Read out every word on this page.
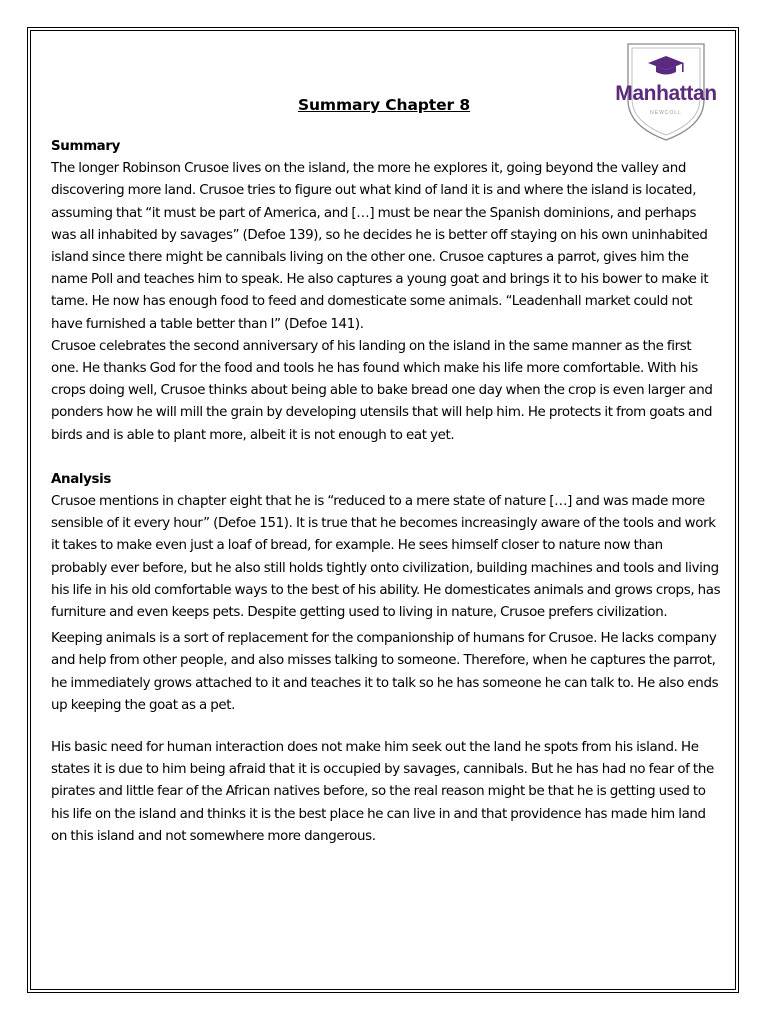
Manhattan
NEWCOLL
Summary Chapter 8

Summary

The longer Robinson Crusoe lives on the island, the more he explores it, going beyond the valley and discovering more land. Crusoe tries to figure out what kind of land it is and where the island is located, assuming that “it must be part of America, and […] must be near the Spanish dominions, and perhaps was all inhabited by savages” (Defoe 139), so he decides he is better off staying on his own uninhabited island since there might be cannibals living on the other one. Crusoe captures a parrot, gives him the name Poll and teaches him to speak. He also captures a young goat and brings it to his bower to make it tame. He now has enough food to feed and domesticate some animals. “Leadenhall market could not have furnished a table better than I” (Defoe 141).

Crusoe celebrates the second anniversary of his landing on the island in the same manner as the first one. He thanks God for the food and tools he has found which make his life more comfortable. With his crops doing well, Crusoe thinks about being able to bake bread one day when the crop is even larger and ponders how he will mill the grain by developing utensils that will help him. He protects it from goats and birds and is able to plant more, albeit it is not enough to eat yet.

Analysis

Crusoe mentions in chapter eight that he is “reduced to a mere state of nature […] and was made more sensible of it every hour” (Defoe 151). It is true that he becomes increasingly aware of the tools and work it takes to make even just a loaf of bread, for example. He sees himself closer to nature now than probably ever before, but he also still holds tightly onto civilization, building machines and tools and living his life in his old comfortable ways to the best of his ability. He domesticates animals and grows crops, has furniture and even keeps pets. Despite getting used to living in nature, Crusoe prefers civilization.

Keeping animals is a sort of replacement for the companionship of humans for Crusoe. He lacks company and help from other people, and also misses talking to someone. Therefore, when he captures the parrot, he immediately grows attached to it and teaches it to talk so he has someone he can talk to. He also ends up keeping the goat as a pet.

His basic need for human interaction does not make him seek out the land he spots from his island. He states it is due to him being afraid that it is occupied by savages, cannibals. But he has had no fear of the pirates and little fear of the African natives before, so the real reason might be that he is getting used to his life on the island and thinks it is the best place he can live in and that providence has made him land on this island and not somewhere more dangerous.
